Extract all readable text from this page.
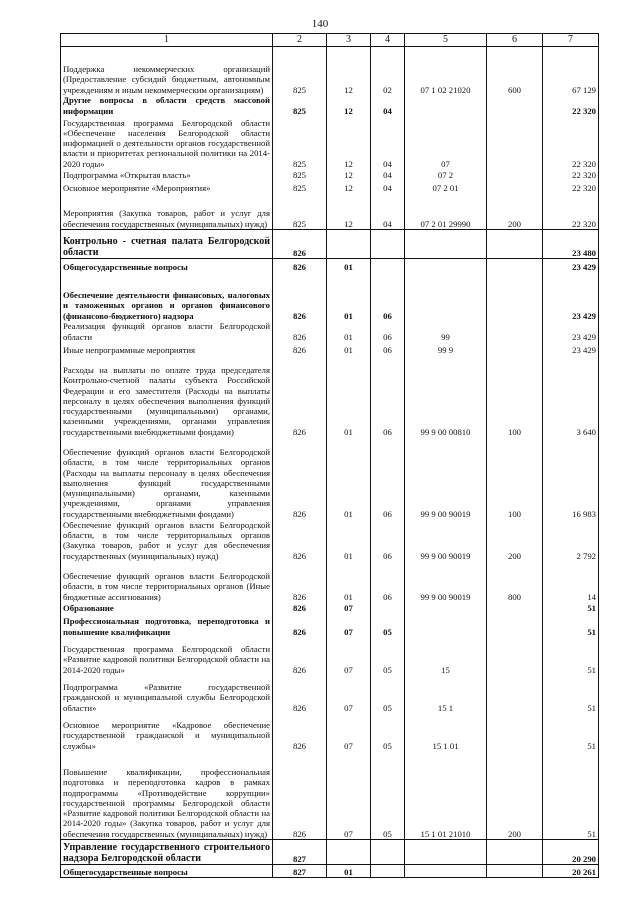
140
1	2	3	4	5	6	7
Поддержка некоммерческих организаций (Предоставление субсидий бюджетным, автономным учреждениям и иным некоммерческим организациям)	825	12	02	07 1 02 21020	600	67 129
Другие вопросы в области средств массовой информации	825	12	04			22 320
Государственная программа Белгородской области «Обеспечение населения Белгородской области информацией о деятельности органов государственной власти и приоритетах региональной политики на 2014-2020 годы»	825	12	04	07		22 320
Подпрограмма «Открытая власть»	825	12	04	07 2		22 320
Основное мероприятие «Мероприятия»	825	12	04	07 2 01		22 320
Мероприятия (Закупка товаров, работ и услуг для обеспечения государственных (муниципальных) нужд)	825	12	04	07 2 01 29990	200	22 320
Контрольно - счетная палата Белгородской области	826					23 480
Общегосударственные вопросы	826	01				23 429
Обеспечение деятельности финансовых, налоговых и таможенных органов и органов финансового (финансово-бюджетного) надзора	826	01	06			23 429
Реализация функций органов власти Белгородской области	826	01	06	99		23 429
Иные непрограммные мероприятия	826	01	06	99 9		23 429
Расходы на выплаты по оплате труда председателя Контрольно-счетной палаты субъекта Российской Федерации и его заместителя (Расходы на выплаты персоналу в целях обеспечения выполнения функций государственными (муниципальными) органами, казенными учреждениями, органами управления государственными внебюджетными фондами)	826	01	06	99 9 00 00810	100	3 640
Обеспечение функций органов власти Белгородской области, в том числе территориальных органов (Расходы на выплаты персоналу в целях обеспечения выполнения функций государственными (муниципальными) органами, казенными учреждениями, органами управления государственными внебюджетными фондами)	826	01	06	99 9 00 90019	100	16 983
Обеспечение функций органов власти Белгородской области, в том числе территориальных органов (Закупка товаров, работ и услуг для обеспечения государственных (муниципальных) нужд)	826	01	06	99 9 00 90019	200	2 792
Обеспечение функций органов власти Белгородской области, в том числе территориальных органов (Иные бюджетные ассигнования)	826	01	06	99 9 00 90019	800	14
Образование	826	07				51
Профессиональная подготовка, переподготовка и повышение квалификации	826	07	05			51
Государственная программа Белгородской области «Развитие кадровой политики Белгородской области на 2014-2020 годы»	826	07	05	15		51
Подпрограмма «Развитие государственной гражданской и муниципальной службы Белгородской области»	826	07	05	15 1		51
Основное мероприятие «Кадровое обеспечение государственной гражданской и муниципальной службы»	826	07	05	15 1 01		51
Повышение квалификации, профессиональная подготовка и переподготовка кадров в рамках подпрограммы «Противодействие коррупции» государственной программы Белгородской области «Развитие кадровой политики Белгородской области на 2014-2020 годы» (Закупка товаров, работ и услуг для обеспечения государственных (муниципальных) нужд)	826	07	05	15 1 01 21010	200	51
Управление государственного строительного надзора Белгородской области	827					20 290
Общегосударственные вопросы	827	01				20 261
